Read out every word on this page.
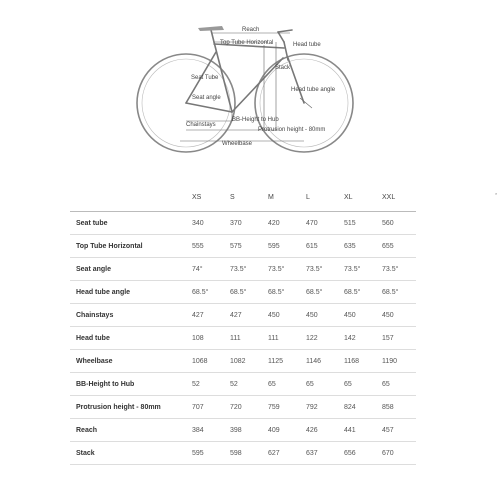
Reach
Top Tube Horizontal	Head tube
Seat Tube
Stack
Seat angle
Head tube angle
Chainstays
BB-Height to Hub
Protrusion height - 80mm
Wheelbase
	XS	S	M	L	XL	XXL
Seat tube	340	370	420	470	515	560
Top Tube Horizontal	555	575	595	615	635	655
Seat angle	74°	73.5°	73.5°	73.5°	73.5°	73.5°
Head tube angle	68.5°	68.5°	68.5°	68.5°	68.5°	68.5°
Chainstays	427	427	450	450	450	450
Head tube	108	111	111	122	142	157
Wheelbase	1068	1082	1125	1146	1168	1190
BB-Height to Hub	52	52	65	65	65	65
Protrusion height - 80mm	707	720	759	792	824	858
Reach	384	398	409	426	441	457
Stack	595	598	627	637	656	670
¸
